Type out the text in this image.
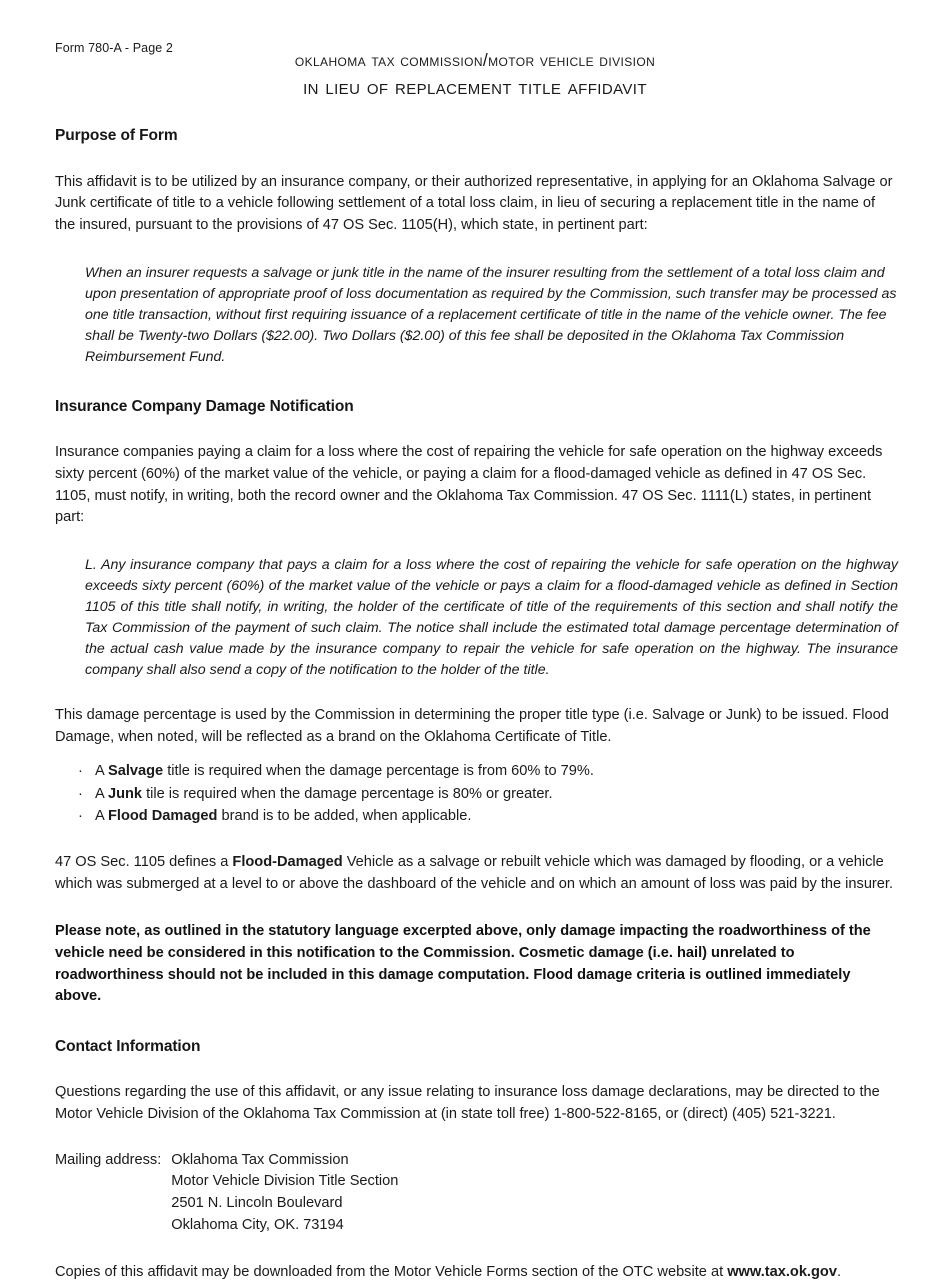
Form 780-A - Page 2
oklahoma tax commission/motor vehicle division
in lieu of replacement title affidavit
Purpose of Form

This affidavit is to be utilized by an insurance company, or their authorized representative, in applying for an Oklahoma Salvage or Junk certificate of title to a vehicle following settlement of a total loss claim, in lieu of securing a replacement title in the name of the insured, pursuant to the provisions of 47 OS Sec. 1105(H), which state, in pertinent part:

When an insurer requests a salvage or junk title in the name of the insurer resulting from the settlement of a total loss claim and upon presentation of appropriate proof of loss documentation as required by the Commission, such transfer may be processed as one title transaction, without first requiring issuance of a replacement certificate of title in the name of the vehicle owner. The fee shall be Twenty-two Dollars ($22.00). Two Dollars ($2.00) of this fee shall be deposited in the Oklahoma Tax Commission Reimbursement Fund.

Insurance Company Damage Notification

Insurance companies paying a claim for a loss where the cost of repairing the vehicle for safe operation on the highway exceeds sixty percent (60%) of the market value of the vehicle, or paying a claim for a flood-damaged vehicle as defined in 47 OS Sec. 1105, must notify, in writing, both the record owner and the Oklahoma Tax Commission. 47 OS Sec. 1111(L) states, in pertinent part:

L. Any insurance company that pays a claim for a loss where the cost of repairing the vehicle for safe operation on the highway exceeds sixty percent (60%) of the market value of the vehicle or pays a claim for a flood-damaged vehicle as defined in Section 1105 of this title shall notify, in writing, the holder of the certificate of title of the requirements of this section and shall notify the Tax Commission of the payment of such claim. The notice shall include the estimated total damage percentage determination of the actual cash value made by the insurance company to repair the vehicle for safe operation on the highway. The insurance company shall also send a copy of the notification to the holder of the title.

This damage percentage is used by the Commission in determining the proper title type (i.e. Salvage or Junk) to be issued. Flood Damage, when noted, will be reflected as a brand on the Oklahoma Certificate of Title.

· A Salvage title is required when the damage percentage is from 60% to 79%.
· A Junk tile is required when the damage percentage is 80% or greater.
· A Flood Damaged brand is to be added, when applicable.

47 OS Sec. 1105 defines a Flood-Damaged Vehicle as a salvage or rebuilt vehicle which was damaged by flooding, or a vehicle which was submerged at a level to or above the dashboard of the vehicle and on which an amount of loss was paid by the insurer.

Please note, as outlined in the statutory language excerpted above, only damage impacting the roadworthiness of the vehicle need be considered in this notification to the Commission. Cosmetic damage (i.e. hail) unrelated to roadworthiness should not be included in this damage computation. Flood damage criteria is outlined immediately above.

Contact Information

Questions regarding the use of this affidavit, or any issue relating to insurance loss damage declarations, may be directed to the Motor Vehicle Division of the Oklahoma Tax Commission at (in state toll free) 1-800-522-8165, or (direct) (405) 521-3221.

Mailing address:	Oklahoma Tax Commission
Motor Vehicle Division Title Section
2501 N. Lincoln Boulevard
Oklahoma City, OK. 73194

Copies of this affidavit may be downloaded from the Motor Vehicle Forms section of the OTC website at www.tax.ok.gov.
